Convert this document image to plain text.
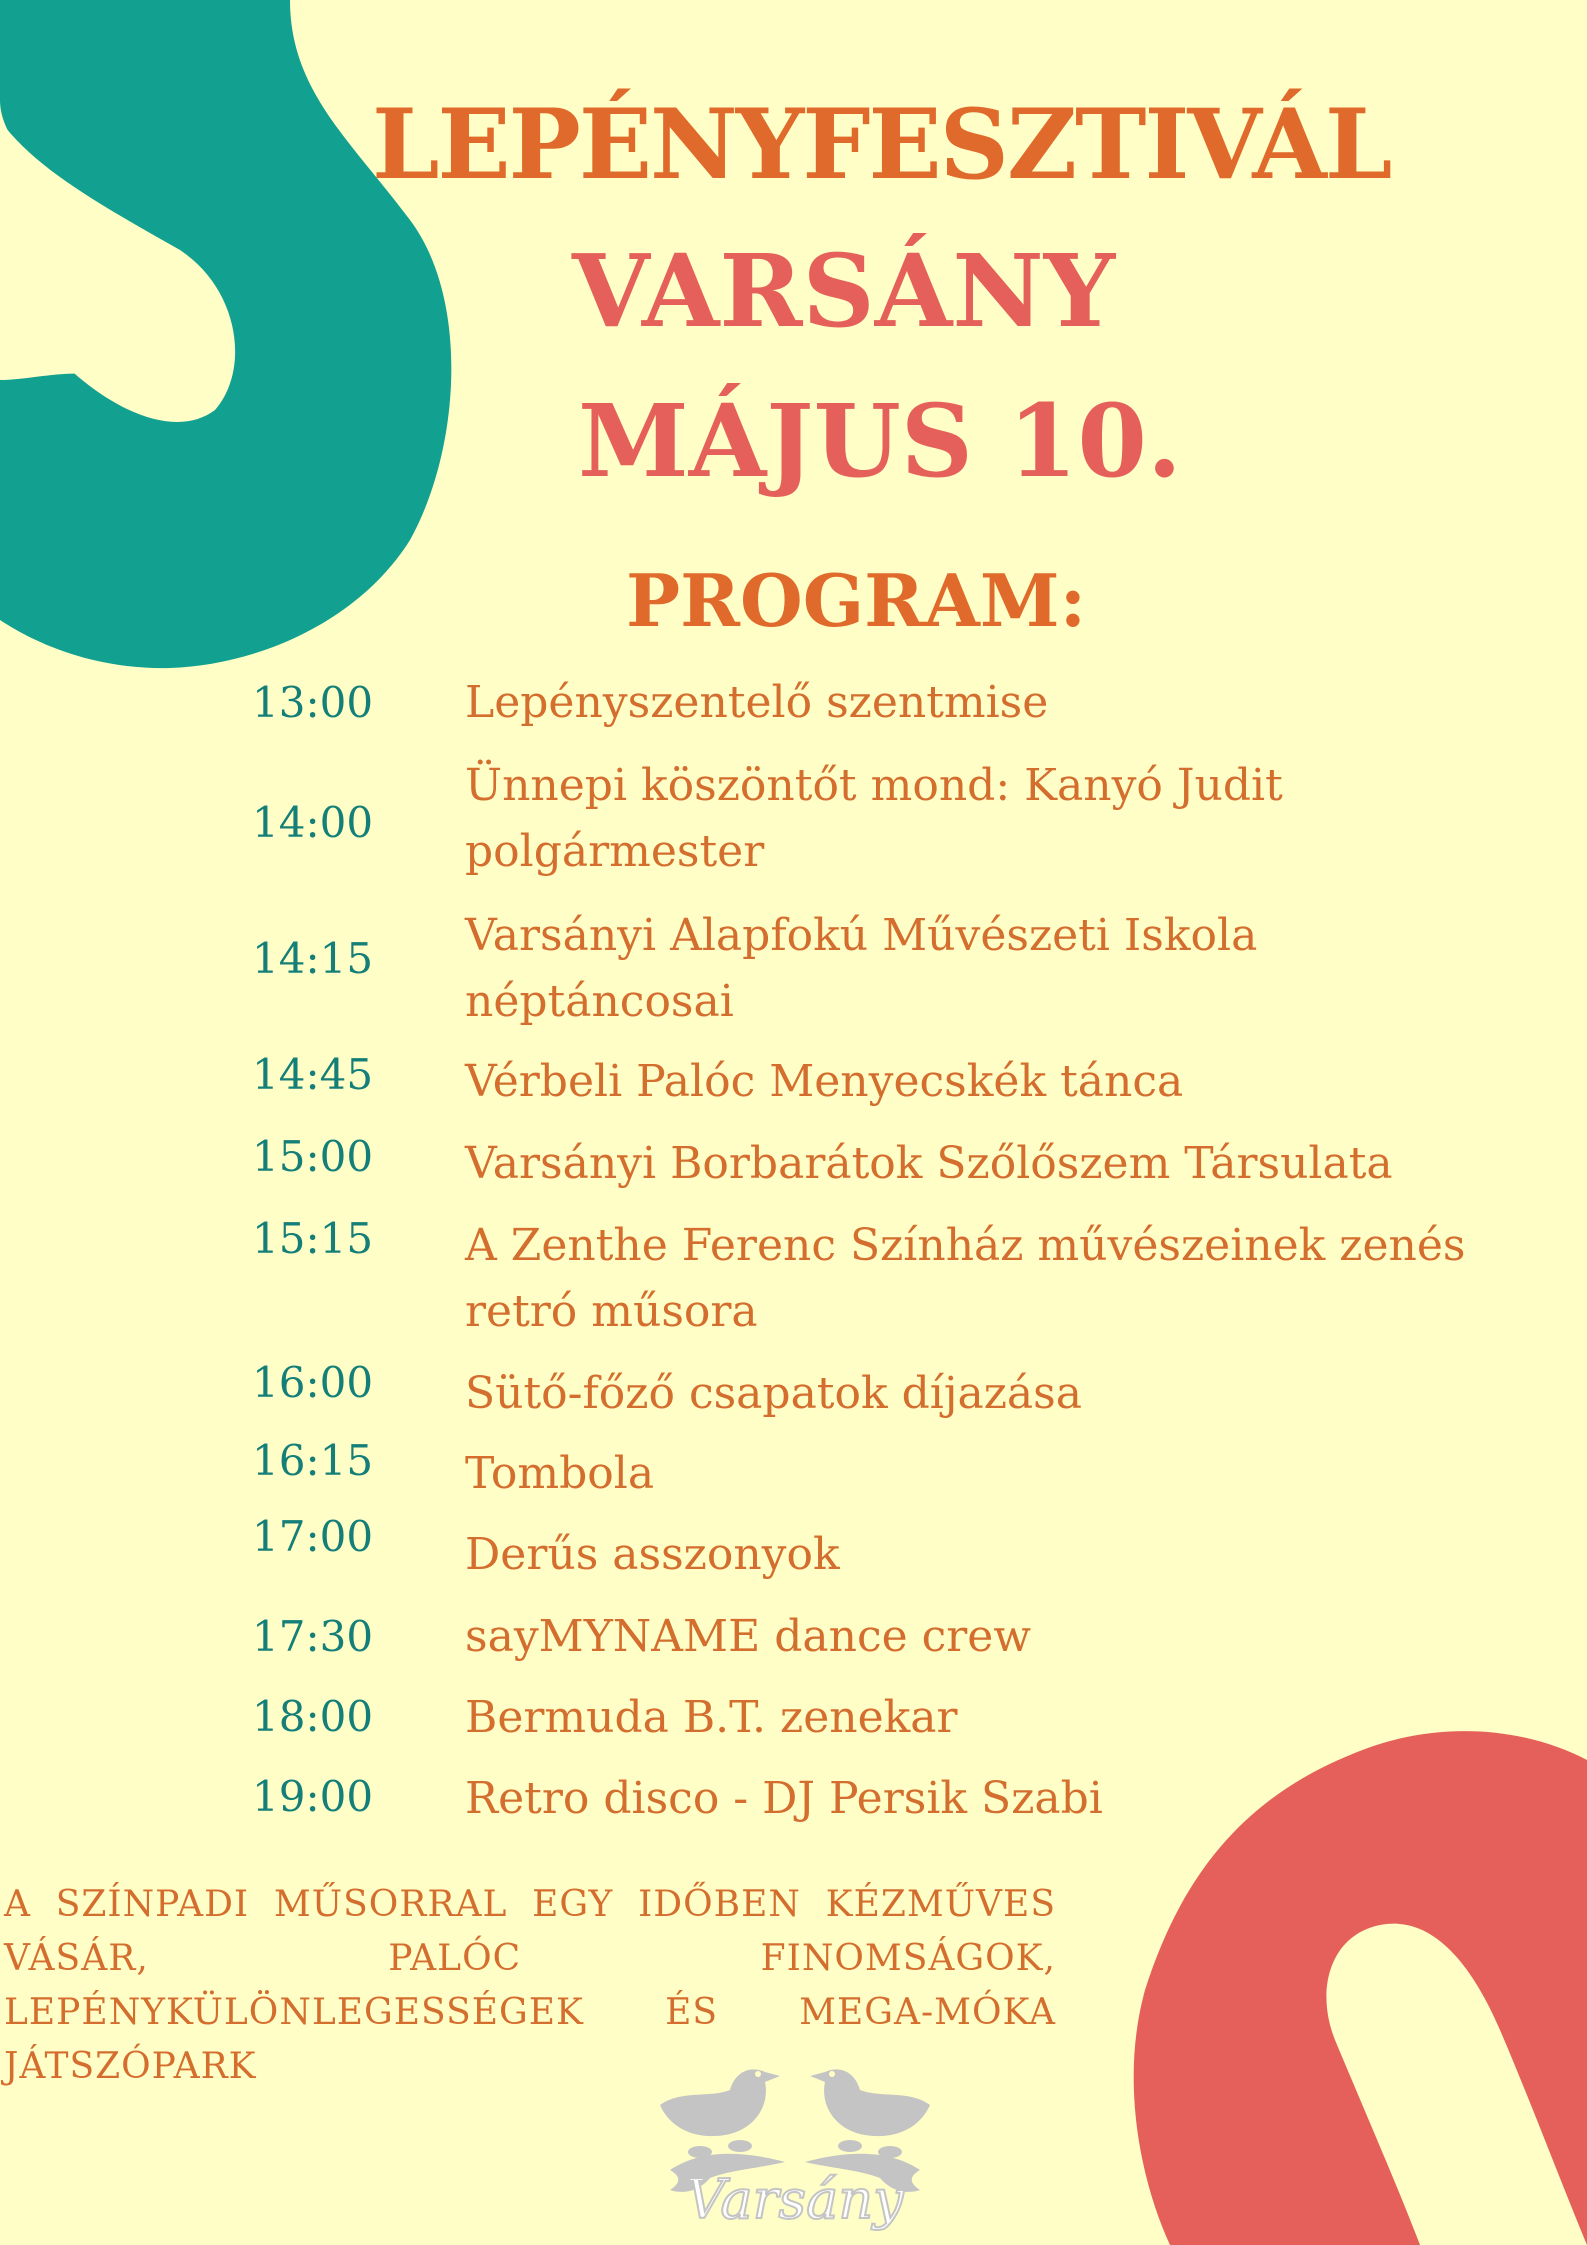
LEPÉNYFESZTIVÁL
VARSÁNY
MÁJUS 10.
PROGRAM:
13:00 Lepényszentelő szentmise
14:00
Ünnepi köszöntőt mond: Kanyó Judit polgármester
14:15 Varsányi Alapfokú Művészeti Iskola néptáncosai
14:45 Vérbeli Palóc Menyecskék tánca
15:00 Varsányi Borbarátok Szőlőszem Társulata
15:15 A Zenthe Ferenc Színház művészeinek zenés retró műsora
16:00 Sütő-főző csapatok díjazása
16:15 Tombola
17:00 Derűs asszonyok
17:30 sayMYNAME dance crew
18:00 Bermuda B.T. zenekar
19:00 Retro disco - DJ Persik Szabi

A SZÍNPADI MŰSORRAL EGY IDŐBEN KÉZMŰVES VÁSÁR, PALÓC FINOMSÁGOK, LEPÉNYKÜLÖNLEGESSÉGEK ÉS MEGA-MÓKA JÁTSZÓPARK

Varsány
